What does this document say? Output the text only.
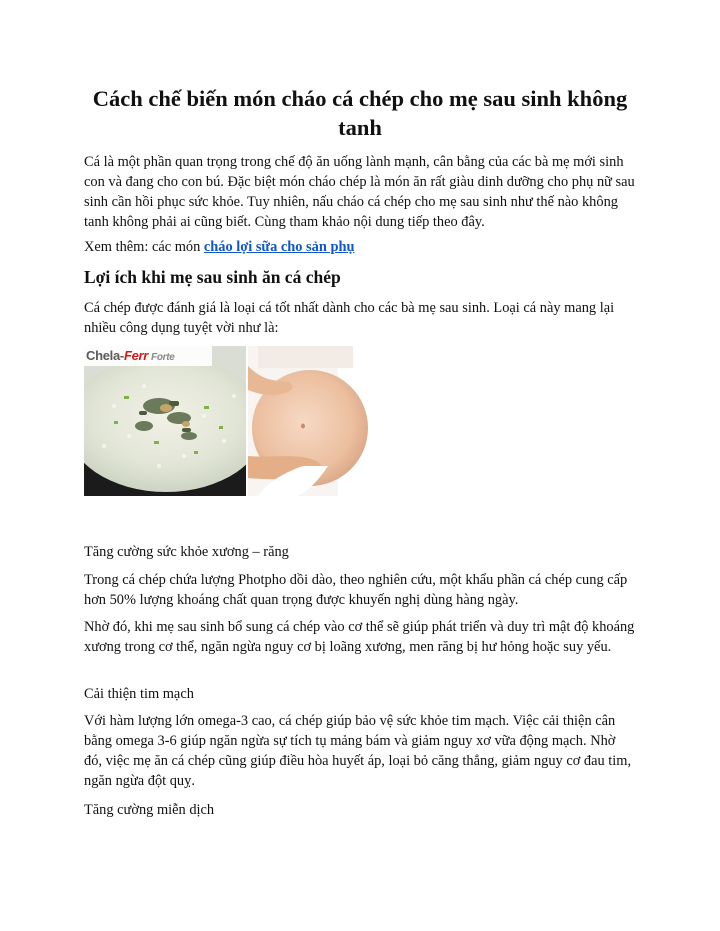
Cách chế biến món cháo cá chép cho mẹ sau sinh không tanh

Cá là một phần quan trọng trong chế độ ăn uống lành mạnh, cân bằng của các bà mẹ mới sinh con và đang cho con bú. Đặc biệt món cháo chép là món ăn rất giàu dinh dưỡng cho phụ nữ sau sinh cần hồi phục sức khỏe. Tuy nhiên, nấu cháo cá chép cho mẹ sau sinh như thế nào không tanh không phải ai cũng biết. Cùng tham khảo nội dung tiếp theo đây.

Xem thêm: các món cháo lợi sữa cho sản phụ

Lợi ích khi mẹ sau sinh ăn cá chép

Cá chép được đánh giá là loại cá tốt nhất dành cho các bà mẹ sau sinh. Loại cá này mang lại nhiều công dụng tuyệt vời như là:

Chela-Ferr Forte

Tăng cường sức khỏe xương – răng

Trong cá chép chứa lượng Photpho dồi dào, theo nghiên cứu, một khẩu phần cá chép cung cấp hơn 50% lượng khoáng chất quan trọng được khuyến nghị dùng hàng ngày.

Nhờ đó, khi mẹ sau sinh bổ sung cá chép vào cơ thể sẽ giúp phát triển và duy trì mật độ khoáng xương trong cơ thể, ngăn ngừa nguy cơ bị loãng xương, men răng bị hư hỏng hoặc suy yếu.

Cải thiện tim mạch

Với hàm lượng lớn omega-3 cao, cá chép giúp bảo vệ sức khỏe tim mạch. Việc cải thiện cân bằng omega 3-6 giúp ngăn ngừa sự tích tụ mảng bám và giảm nguy xơ vữa động mạch. Nhờ đó, việc mẹ ăn cá chép cũng giúp điều hòa huyết áp, loại bỏ căng thẳng, giảm nguy cơ đau tim, ngăn ngừa đột quỵ.

Tăng cường miễn dịch
